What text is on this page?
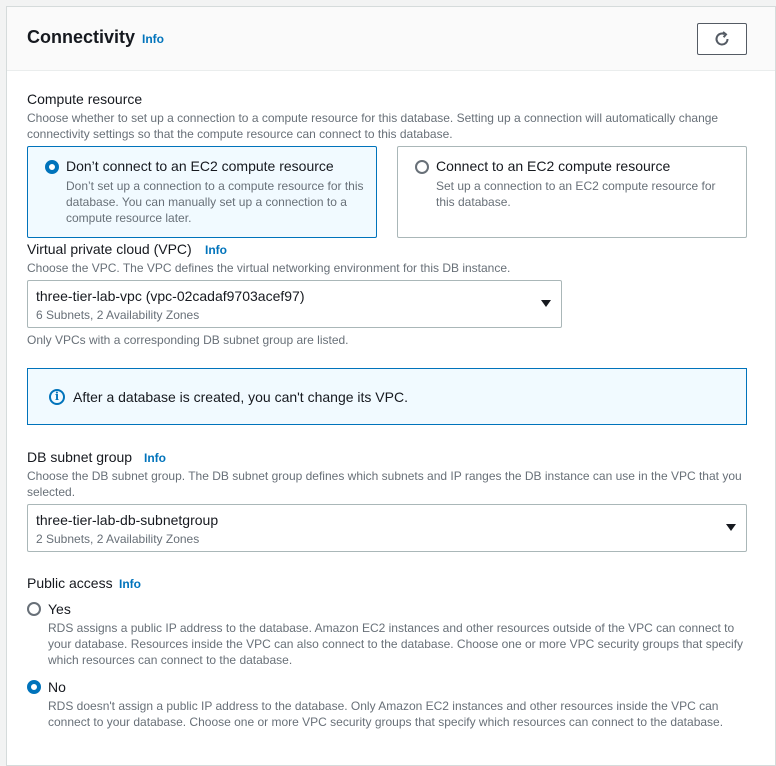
Connectivity Info
Compute resource
Choose whether to set up a connection to a compute resource for this database. Setting up a connection will automatically change connectivity settings so that the compute resource can connect to this database.
Don’t connect to an EC2 compute resource
Don’t set up a connection to a compute resource for this database. You can manually set up a connection to a compute resource later.
Connect to an EC2 compute resource
Set up a connection to an EC2 compute resource for this database.
Virtual private cloud (VPC) Info
Choose the VPC. The VPC defines the virtual networking environment for this DB instance.
three-tier-lab-vpc (vpc-02cadaf9703acef97)
6 Subnets, 2 Availability Zones
Only VPCs with a corresponding DB subnet group are listed.
i After a database is created, you can't change its VPC.
DB subnet group Info
Choose the DB subnet group. The DB subnet group defines which subnets and IP ranges the DB instance can use in the VPC that you selected.
three-tier-lab-db-subnetgroup
2 Subnets, 2 Availability Zones
Public access Info
Yes
RDS assigns a public IP address to the database. Amazon EC2 instances and other resources outside of the VPC can connect to your database. Resources inside the VPC can also connect to the database. Choose one or more VPC security groups that specify which resources can connect to the database.
No
RDS doesn't assign a public IP address to the database. Only Amazon EC2 instances and other resources inside the VPC can connect to your database. Choose one or more VPC security groups that specify which resources can connect to the database.
